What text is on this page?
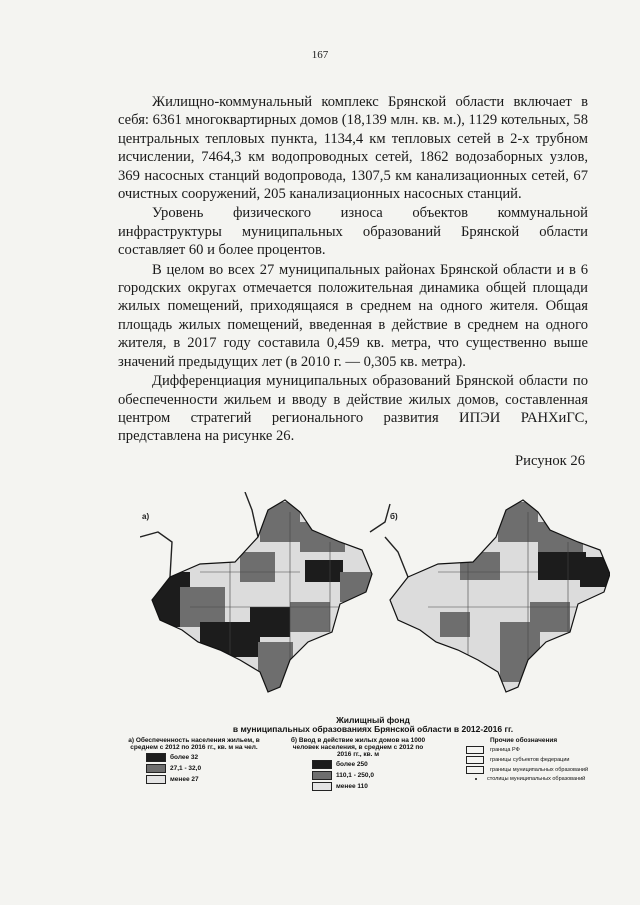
167

Жилищно-коммунальный комплекс Брянской области включает в себя: 6361 многоквартирных домов (18,139 млн. кв. м.), 1129 котельных, 58 центральных тепловых пункта, 1134,4 км тепловых сетей в 2-х трубном исчислении, 7464,3 км водопроводных сетей, 1862 водозаборных узлов, 369 насосных станций водопровода, 1307,5 км канализационных сетей, 67 очистных сооружений, 205 канализационных насосных станций.

Уровень физического износа объектов коммунальной инфраструктуры муниципальных образований Брянской области составляет 60 и более процентов.

В целом во всех 27 муниципальных районах Брянской области и в 6 городских округах отмечается положительная динамика общей площади жилых помещений, приходящаяся в среднем на одного жителя. Общая площадь жилых помещений, введенная в действие в среднем на одного жителя, в 2017 году составила 0,459 кв. метра, что существенно выше значений предыдущих лет (в 2010 г. — 0,305 кв. метра).

Дифференциация муниципальных образований Брянской области по обеспеченности жильем и вводу в действие жилых домов, составленная центром стратегий регионального развития ИПЭИ РАНХиГС, представлена на рисунке 26.

Рисунок 26
а)	б)
Жилищный фонд
в муниципальных образованиях Брянской области в 2012-2016 гг.
а) Обеспеченность населения жильем, в среднем с 2012 по 2016 гг., кв. м на чел.
более 32
27,1 - 32,0
менее 27
б) Ввод в действие жилых домов на 1000 человек населения, в среднем с 2012 по 2016 гг., кв. м
более 250
110,1 - 250,0
менее 110
Прочие обозначения
граница РФ
границы субъектов федерации
границы муниципальных образований
столицы муниципальных образований
